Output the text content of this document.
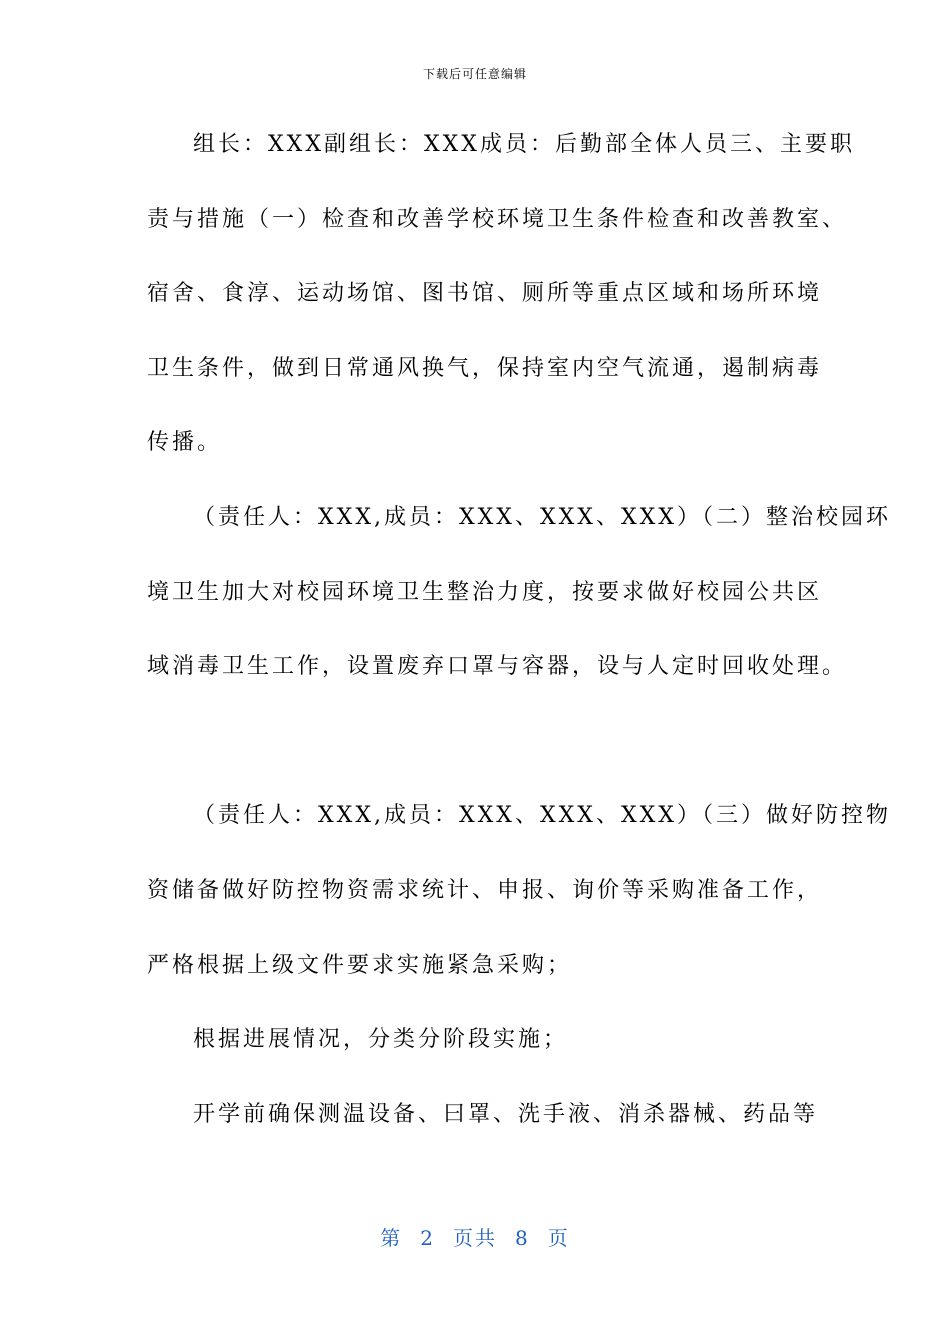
下载后可任意编辑
组长：XXX副组长：XXX成员：后勤部全体人员三、主要职
责与措施（一）检查和改善学校环境卫生条件检查和改善教室、
宿舍、食淳、运动场馆、图书馆、厕所等重点区域和场所环境
卫生条件，做到日常通风换气，保持室内空气流通，遏制病毒
传播。
（责任人：XXX,成员：XXX、XXX、XXX）（二）整治校园环
境卫生加大对校园环境卫生整治力度，按要求做好校园公共区
域消毒卫生工作，设置废弃口罩与容器，设与人定时回收处理。
（责任人：XXX,成员：XXX、XXX、XXX）（三）做好防控物
资储备做好防控物资需求统计、申报、询价等采购准备工作，
严格根据上级文件要求实施紧急采购；
根据进展情况，分类分阶段实施；
开学前确保测温设备、曰罩、洗手液、消杀器械、药品等
第 2 页共 8 页
